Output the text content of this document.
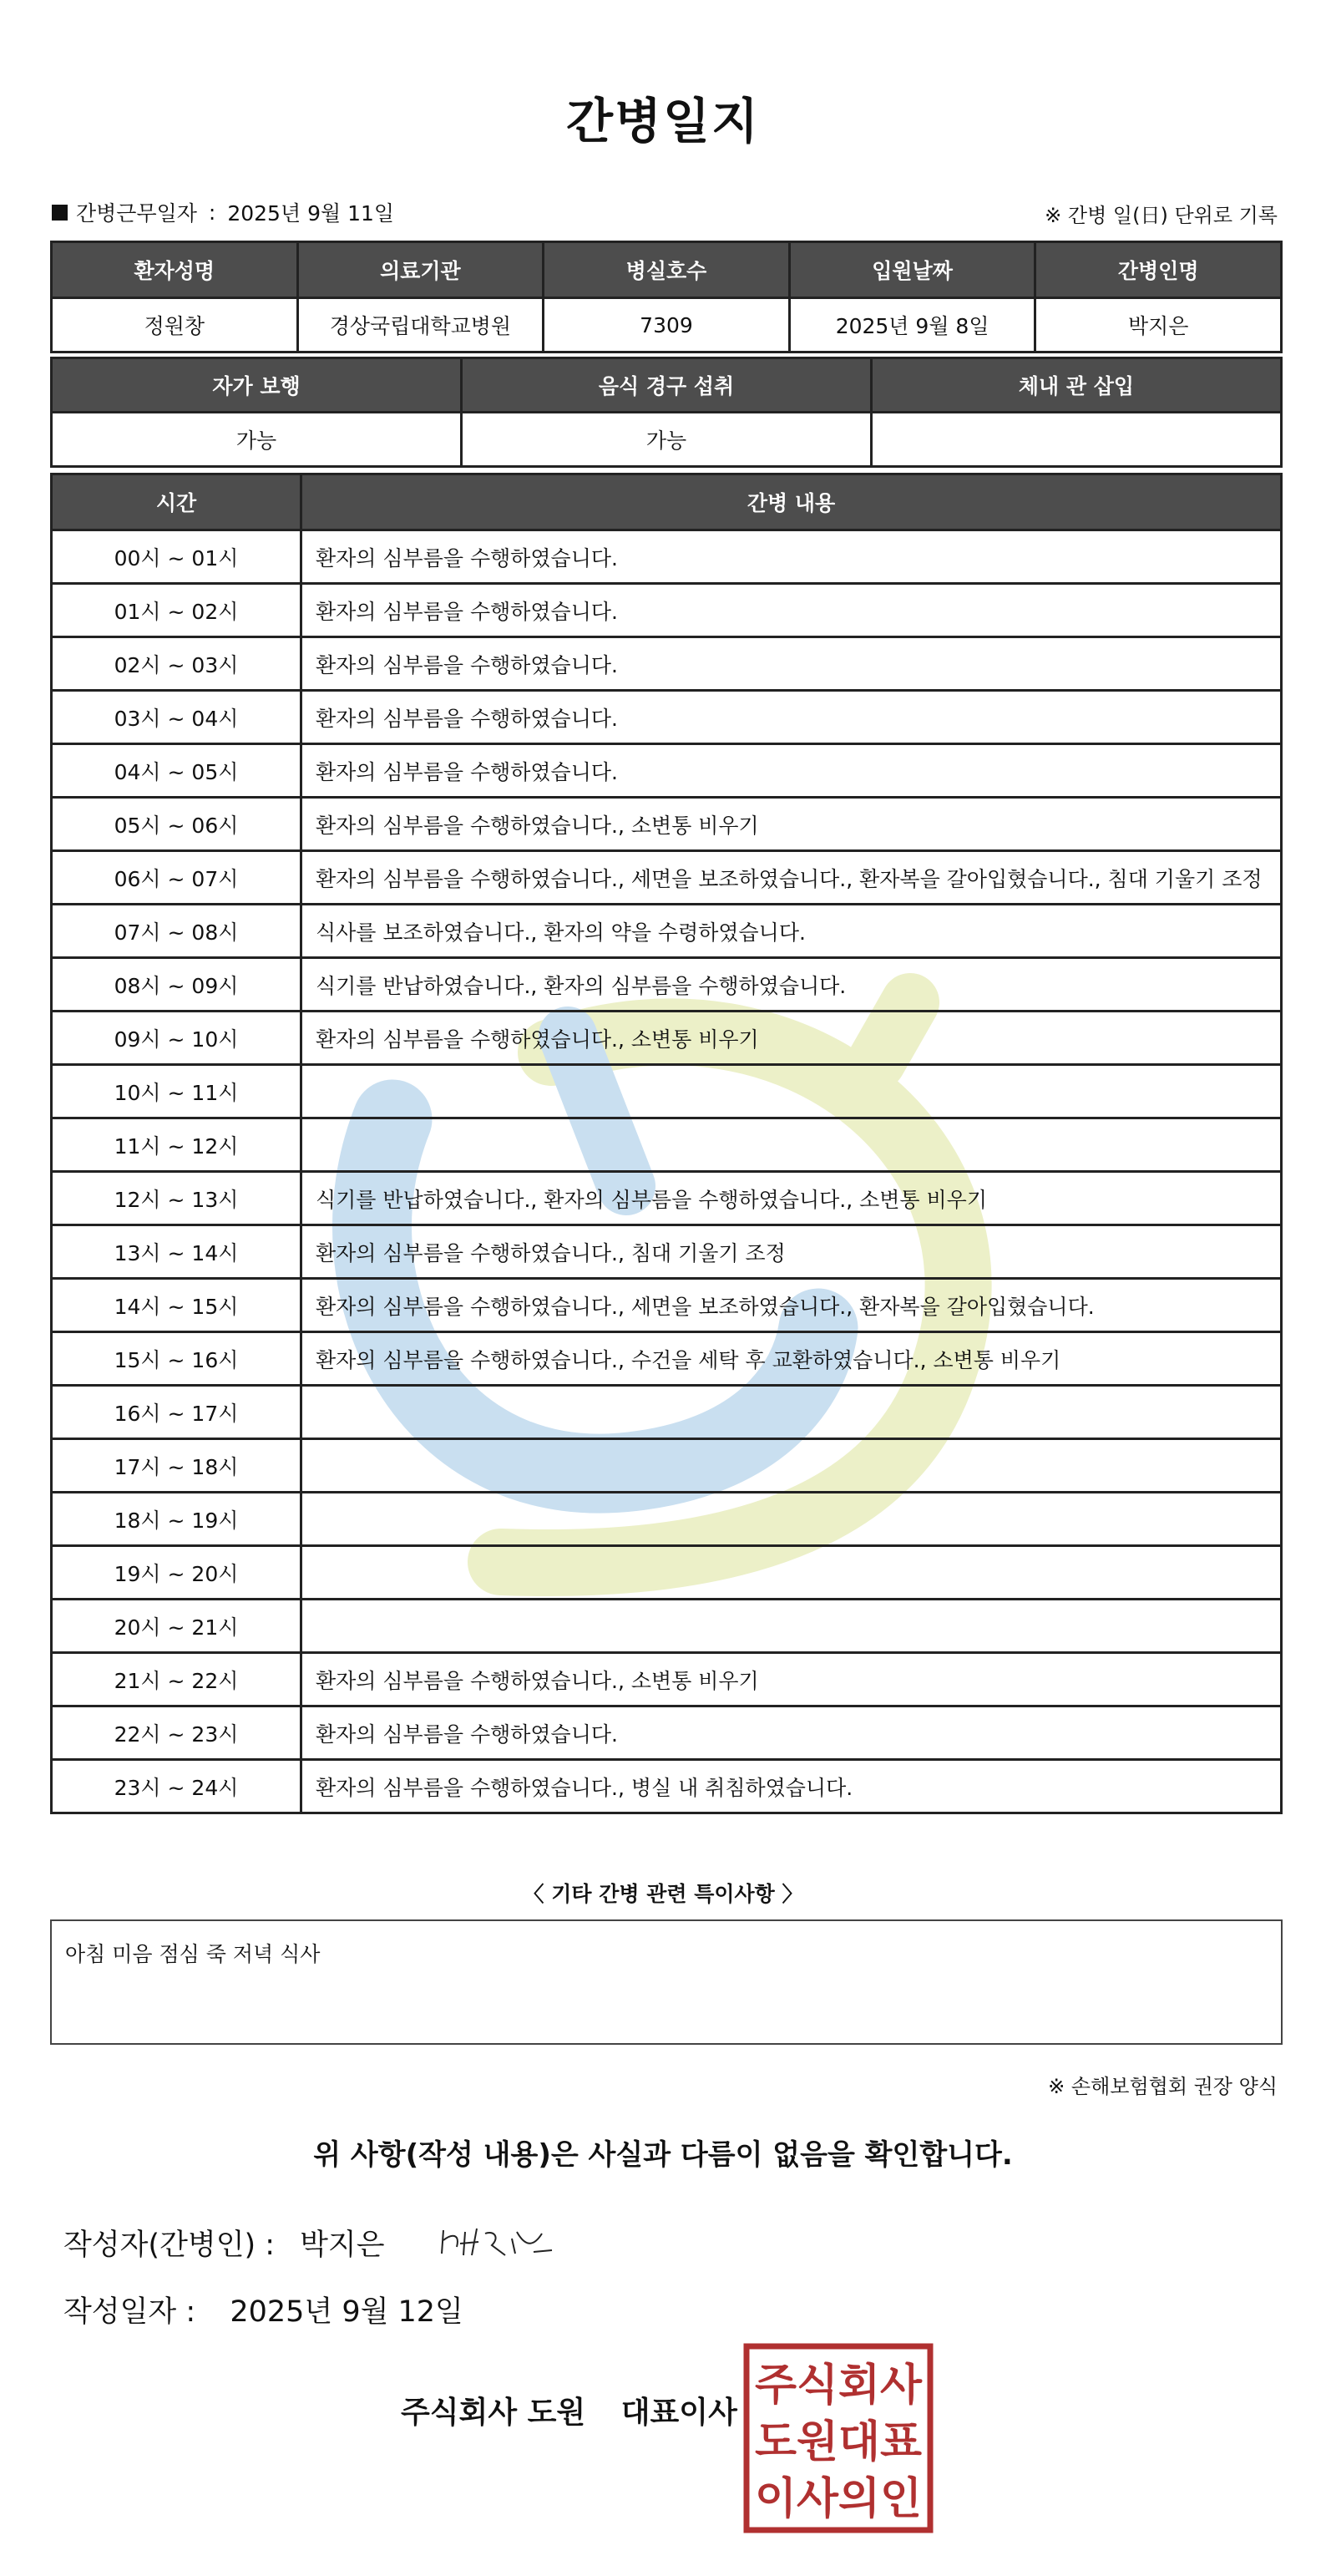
간병일지
간병근무일자 : 2025년 9월 11일	※ 간병 일(日) 단위로 기록
환자성명	의료기관	병실호수	입원날짜	간병인명
정원창	경상국립대학교병원	7309	2025년 9월 8일	박지은
자가 보행	음식 경구 섭취	체내 관 삽입
가능	가능	
시간	간병 내용
00시 ~ 01시	환자의 심부름을 수행하였습니다.
01시 ~ 02시	환자의 심부름을 수행하였습니다.
02시 ~ 03시	환자의 심부름을 수행하였습니다.
03시 ~ 04시	환자의 심부름을 수행하였습니다.
04시 ~ 05시	환자의 심부름을 수행하였습니다.
05시 ~ 06시	환자의 심부름을 수행하였습니다., 소변통 비우기
06시 ~ 07시	환자의 심부름을 수행하였습니다., 세면을 보조하였습니다., 환자복을 갈아입혔습니다., 침대 기울기 조정
07시 ~ 08시	식사를 보조하였습니다., 환자의 약을 수령하였습니다.
08시 ~ 09시	식기를 반납하였습니다., 환자의 심부름을 수행하였습니다.
09시 ~ 10시	환자의 심부름을 수행하였습니다., 소변통 비우기
10시 ~ 11시	
11시 ~ 12시	
12시 ~ 13시	식기를 반납하였습니다., 환자의 심부름을 수행하였습니다., 소변통 비우기
13시 ~ 14시	환자의 심부름을 수행하였습니다., 침대 기울기 조정
14시 ~ 15시	환자의 심부름을 수행하였습니다., 세면을 보조하였습니다., 환자복을 갈아입혔습니다.
15시 ~ 16시	환자의 심부름을 수행하였습니다., 수건을 세탁 후 교환하였습니다., 소변통 비우기
16시 ~ 17시	
17시 ~ 18시	
18시 ~ 19시	
19시 ~ 20시	
20시 ~ 21시	
21시 ~ 22시	환자의 심부름을 수행하였습니다., 소변통 비우기
22시 ~ 23시	환자의 심부름을 수행하였습니다.
23시 ~ 24시	환자의 심부름을 수행하였습니다., 병실 내 취침하였습니다.
〈 기타 간병 관련 특이사항 〉
아침 미음 점심 죽 저녁 식사
※ 손해보험협회 권장 양식
위 사항(작성 내용)은 사실과 다름이 없음을 확인합니다.
작성자(간병인) : 박지은
작성일자 : 2025년 9월 12일
주식회사 도원 대표이사
주식회사
도원대표
이사의인
